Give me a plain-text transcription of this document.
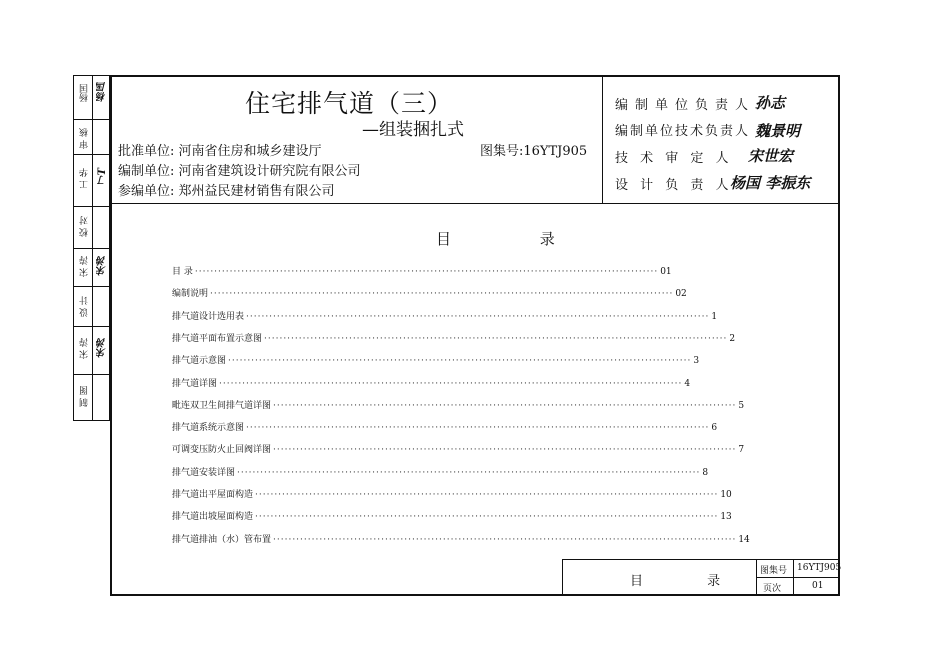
杨国 杨国
审 核
工 华 丁T
校 对
宋 涛 宋涛
设 计
宋 涛 宋涛
制 图
住宅排气道（三）
—组装捆扎式
批准单位: 河南省住房和城乡建设厅	图集号:16YTJ905
编制单位: 河南省建筑设计研究院有限公司
参编单位: 郑州益民建材销售有限公司
编制单位负责人 孙志
编制单位技术负责人 魏景明
技 术 审 定 人 宋世宏
设 计 负 责 人
杨国 李振东
目 录
目 录 ························································································································ 01
编制说明 ························································································································ 02
排气道设计选用表 ························································································································ 1
排气道平面布置示意图 ························································································································ 2
排气道示意图 ························································································································ 3
排气道详图 ························································································································ 4
毗连双卫生间排气道详图 ························································································································ 5
排气道系统示意图 ························································································································ 6
可调变压防火止回阀详图 ························································································································ 7
排气道安装详图 ························································································································ 8
排气道出平屋面构造 ························································································································ 10
排气道出坡屋面构造 ························································································································ 13
排气道排油（水）管布置 ························································································································ 14
目 录
图集号 16YTJ905
页次	01
